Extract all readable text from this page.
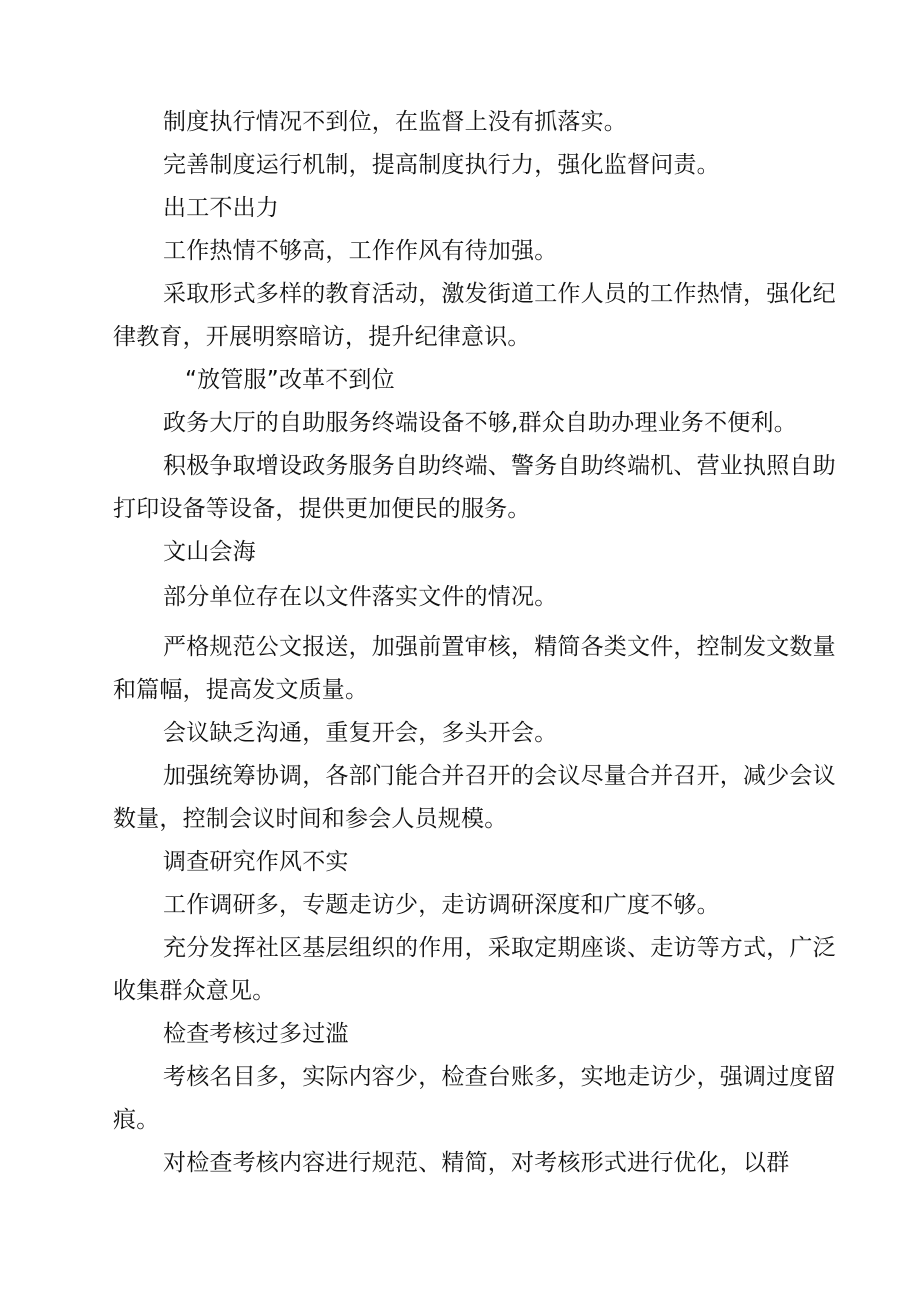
制度执行情况不到位，在监督上没有抓落实。
完善制度运行机制，提高制度执行力，强化监督问责。
出工不出力
工作热情不够高，工作作风有待加强。
采取形式多样的教育活动，激发街道工作人员的工作热情，强化纪
律教育，开展明察暗访，提升纪律意识。
“放管服”改革不到位
政务大厅的自助服务终端设备不够,群众自助办理业务不便利。
积极争取增设政务服务自助终端、警务自助终端机、营业执照自助
打印设备等设备，提供更加便民的服务。
文山会海
部分单位存在以文件落实文件的情况。
严格规范公文报送，加强前置审核，精简各类文件，控制发文数量
和篇幅，提高发文质量。
会议缺乏沟通，重复开会，多头开会。
加强统筹协调，各部门能合并召开的会议尽量合并召开，减少会议
数量，控制会议时间和参会人员规模。
调查研究作风不实
工作调研多，专题走访少，走访调研深度和广度不够。
充分发挥社区基层组织的作用，采取定期座谈、走访等方式，广泛
收集群众意见。
检查考核过多过滥
考核名目多，实际内容少，检查台账多，实地走访少，强调过度留
痕。
对检查考核内容进行规范、精简，对考核形式进行优化，以群
